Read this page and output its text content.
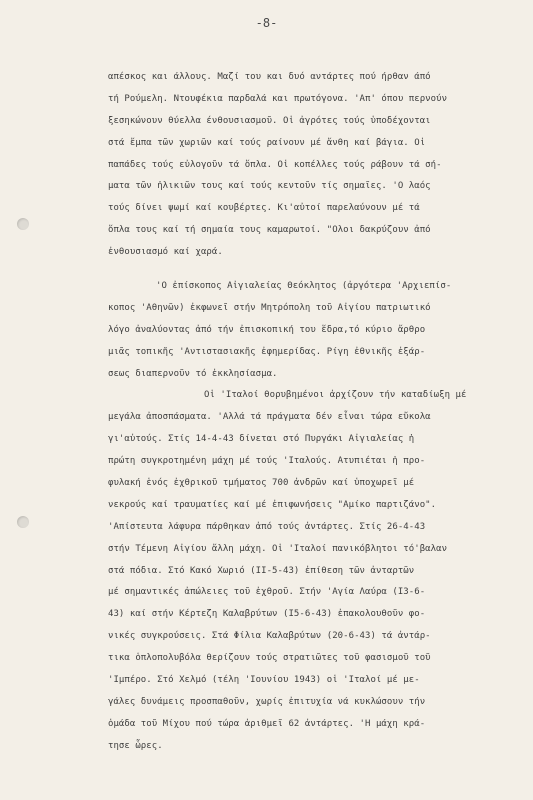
-8-
απέσκος και άλλους. Μαζί του και δυό αντάρτες πού ήρθαν άπό
τή Ρούμελη. Ντουφέκια παρδαλά και πρωτόγονα. 'Απ' όπου περνούν
ξεσηκώνουν θύελλα ένθουσιασμοῦ. Οἱ ἀγρότες τούς ὑποδέχονται
στά ἔμπα τῶν χωριῶν καί τούς ραίνουν μέ ἄνθη καί βάγια. Οἱ
παπάδες τούς εὐλογοῦν τά ὅπλα. Οἱ κοπέλλες τούς ράβουν τά σή-
ματα τῶν ἠλικιῶν τους καί τούς κεντοῦν τίς σημαῖες. 'Ο λαός
τούς δίνει ψωμί καί κουβέρτες. Κι'αὐτοί παρελαύνουν μέ τά
ὅπλα τους καί τή σημαία τους καμαρωτοί. "Ολοι δακρύζουν ἀπό
ἐνθουσιασμό καί χαρά.
'Ο ἐπίσκοπος Αἰγιαλείας Θεόκλητος (ἀργότερα 'Αρχιεπίσ-
κοπος 'Αθηνῶν) ἐκφωνεῖ στήν Μητρόπολη τοῦ Αἰγίου πατριωτικό
λόγο ἀναλύοντας ἀπό τήν ἐπισκοπική του ἕδρα,τό κύριο ἄρθρο
μιᾶς τοπικῆς 'Αντιστασιακῆς ἐφημερίδας. Ρίγη ἐθνικῆς ἐξάρ-
σεως διαπερνοῦν τό ἐκκλησίασμα.
Οἱ 'Ιταλοί θορυβημένοι ἀρχίζουν τήν καταδίωξη μέ
μεγάλα ἀποσπάσματα. 'Αλλά τά πράγματα δέν εἶναι τώρα εὔκολα
γι'αὐτούς. Στίς 14-4-43 δίνεται στό Πυργάκι Αἰγιαλείας ἡ
πρώτη συγκροτημένη μάχη μέ τούς 'Ιταλούς. Ατυπιέται ἡ προ-
φυλακή ἑνός ἐχθρικοῦ τμήματος 700 ἀνδρῶν καί ὑποχωρεῖ μέ
νεκρούς καί τραυματίες καί μέ ἐπιφωνήσεις "Αμίκο παρτιζάνο".
'Απίστευτα λάφυρα πάρθηκαν ἀπό τούς ἀντάρτες. Στίς 26-4-43
στήν Τέμενη Αἰγίου ἄλλη μάχη. Οἱ 'Ιταλοί πανικόβλητοι τό'βαλαν
στά πόδια. Στό Κακό Χωριό (ΙΙ-5-43) ἐπίθεση τῶν ἀνταρτῶν
μέ σημαντικές ἀπώλειες τοῦ ἐχθροῦ. Στήν 'Αγία Λαύρα (Ι3-6-
43) καί στήν Κέρτεζη Καλαβρύτων (Ι5-6-43) ἐπακολουθοῦν φο-
νικές συγκρούσεις. Στά Φίλια Καλαβρύτων (20-6-43) τά ἀντάρ-
τικα ὁπλοπολυβόλα θερίζουν τούς στρατιῶτες τοῦ φασισμοῦ τοῦ
'Ιμπέρο. Στό Χελμό (τέλη 'Ιουνίου 1943) οἱ 'Ιταλοί μέ με-
γάλες δυνάμεις προσπαθοῦν, χωρίς ἐπιτυχία νά κυκλώσουν τήν
ὁμάδα τοῦ Μίχου πού τώρα ἀριθμεῖ 62 ἀντάρτες. 'Η μάχη κρά-
τησε ὧρες.
